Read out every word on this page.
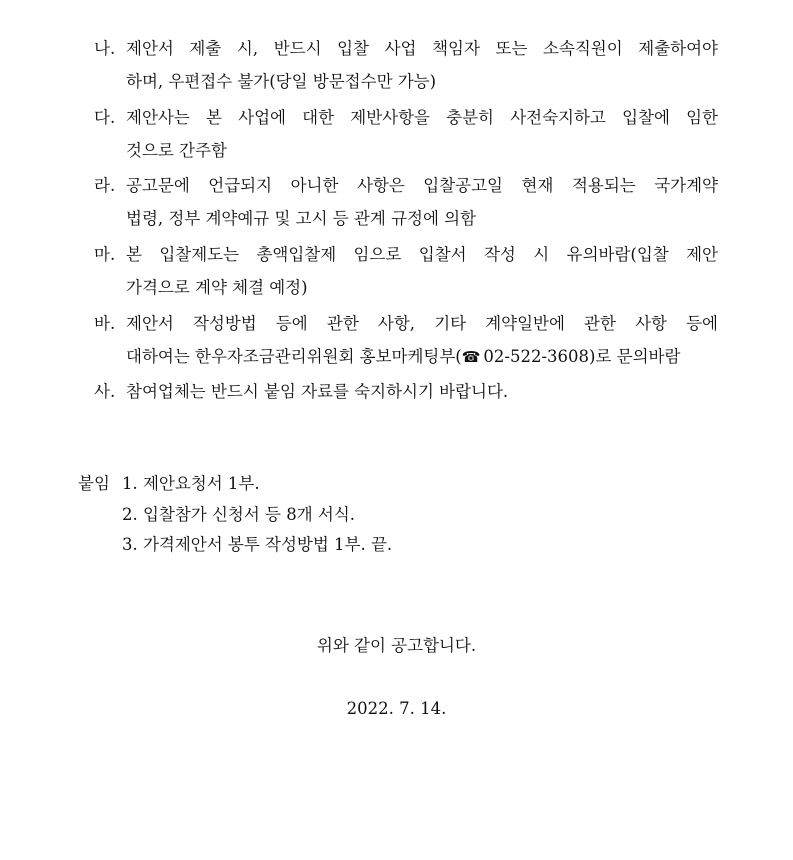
나. 제안서 제출 시, 반드시 입찰 사업 책임자 또는 소속직원이 제출하여야
하며, 우편접수 불가(당일 방문접수만 가능)
다. 제안사는 본 사업에 대한 제반사항을 충분히 사전숙지하고 입찰에 임한
것으로 간주함
라. 공고문에 언급되지 아니한 사항은 입찰공고일 현재 적용되는 국가계약
법령, 정부 계약예규 및 고시 등 관계 규정에 의함
마. 본 입찰제도는 총액입찰제 임으로 입찰서 작성 시 유의바람(입찰 제안
가격으로 계약 체결 예정)
바. 제안서 작성방법 등에 관한 사항, 기타 계약일반에 관한 사항 등에
대하여는 한우자조금관리위원회 홍보마케팅부(☎ 02-522-3608)로 문의바람
사. 참여업체는 반드시 붙임 자료를 숙지하시기 바랍니다.
붙임 1. 제안요청서 1부.
2. 입찰참가 신청서 등 8개 서식.
3. 가격제안서 봉투 작성방법 1부. 끝.
위와 같이 공고합니다.
2022. 7. 14.
